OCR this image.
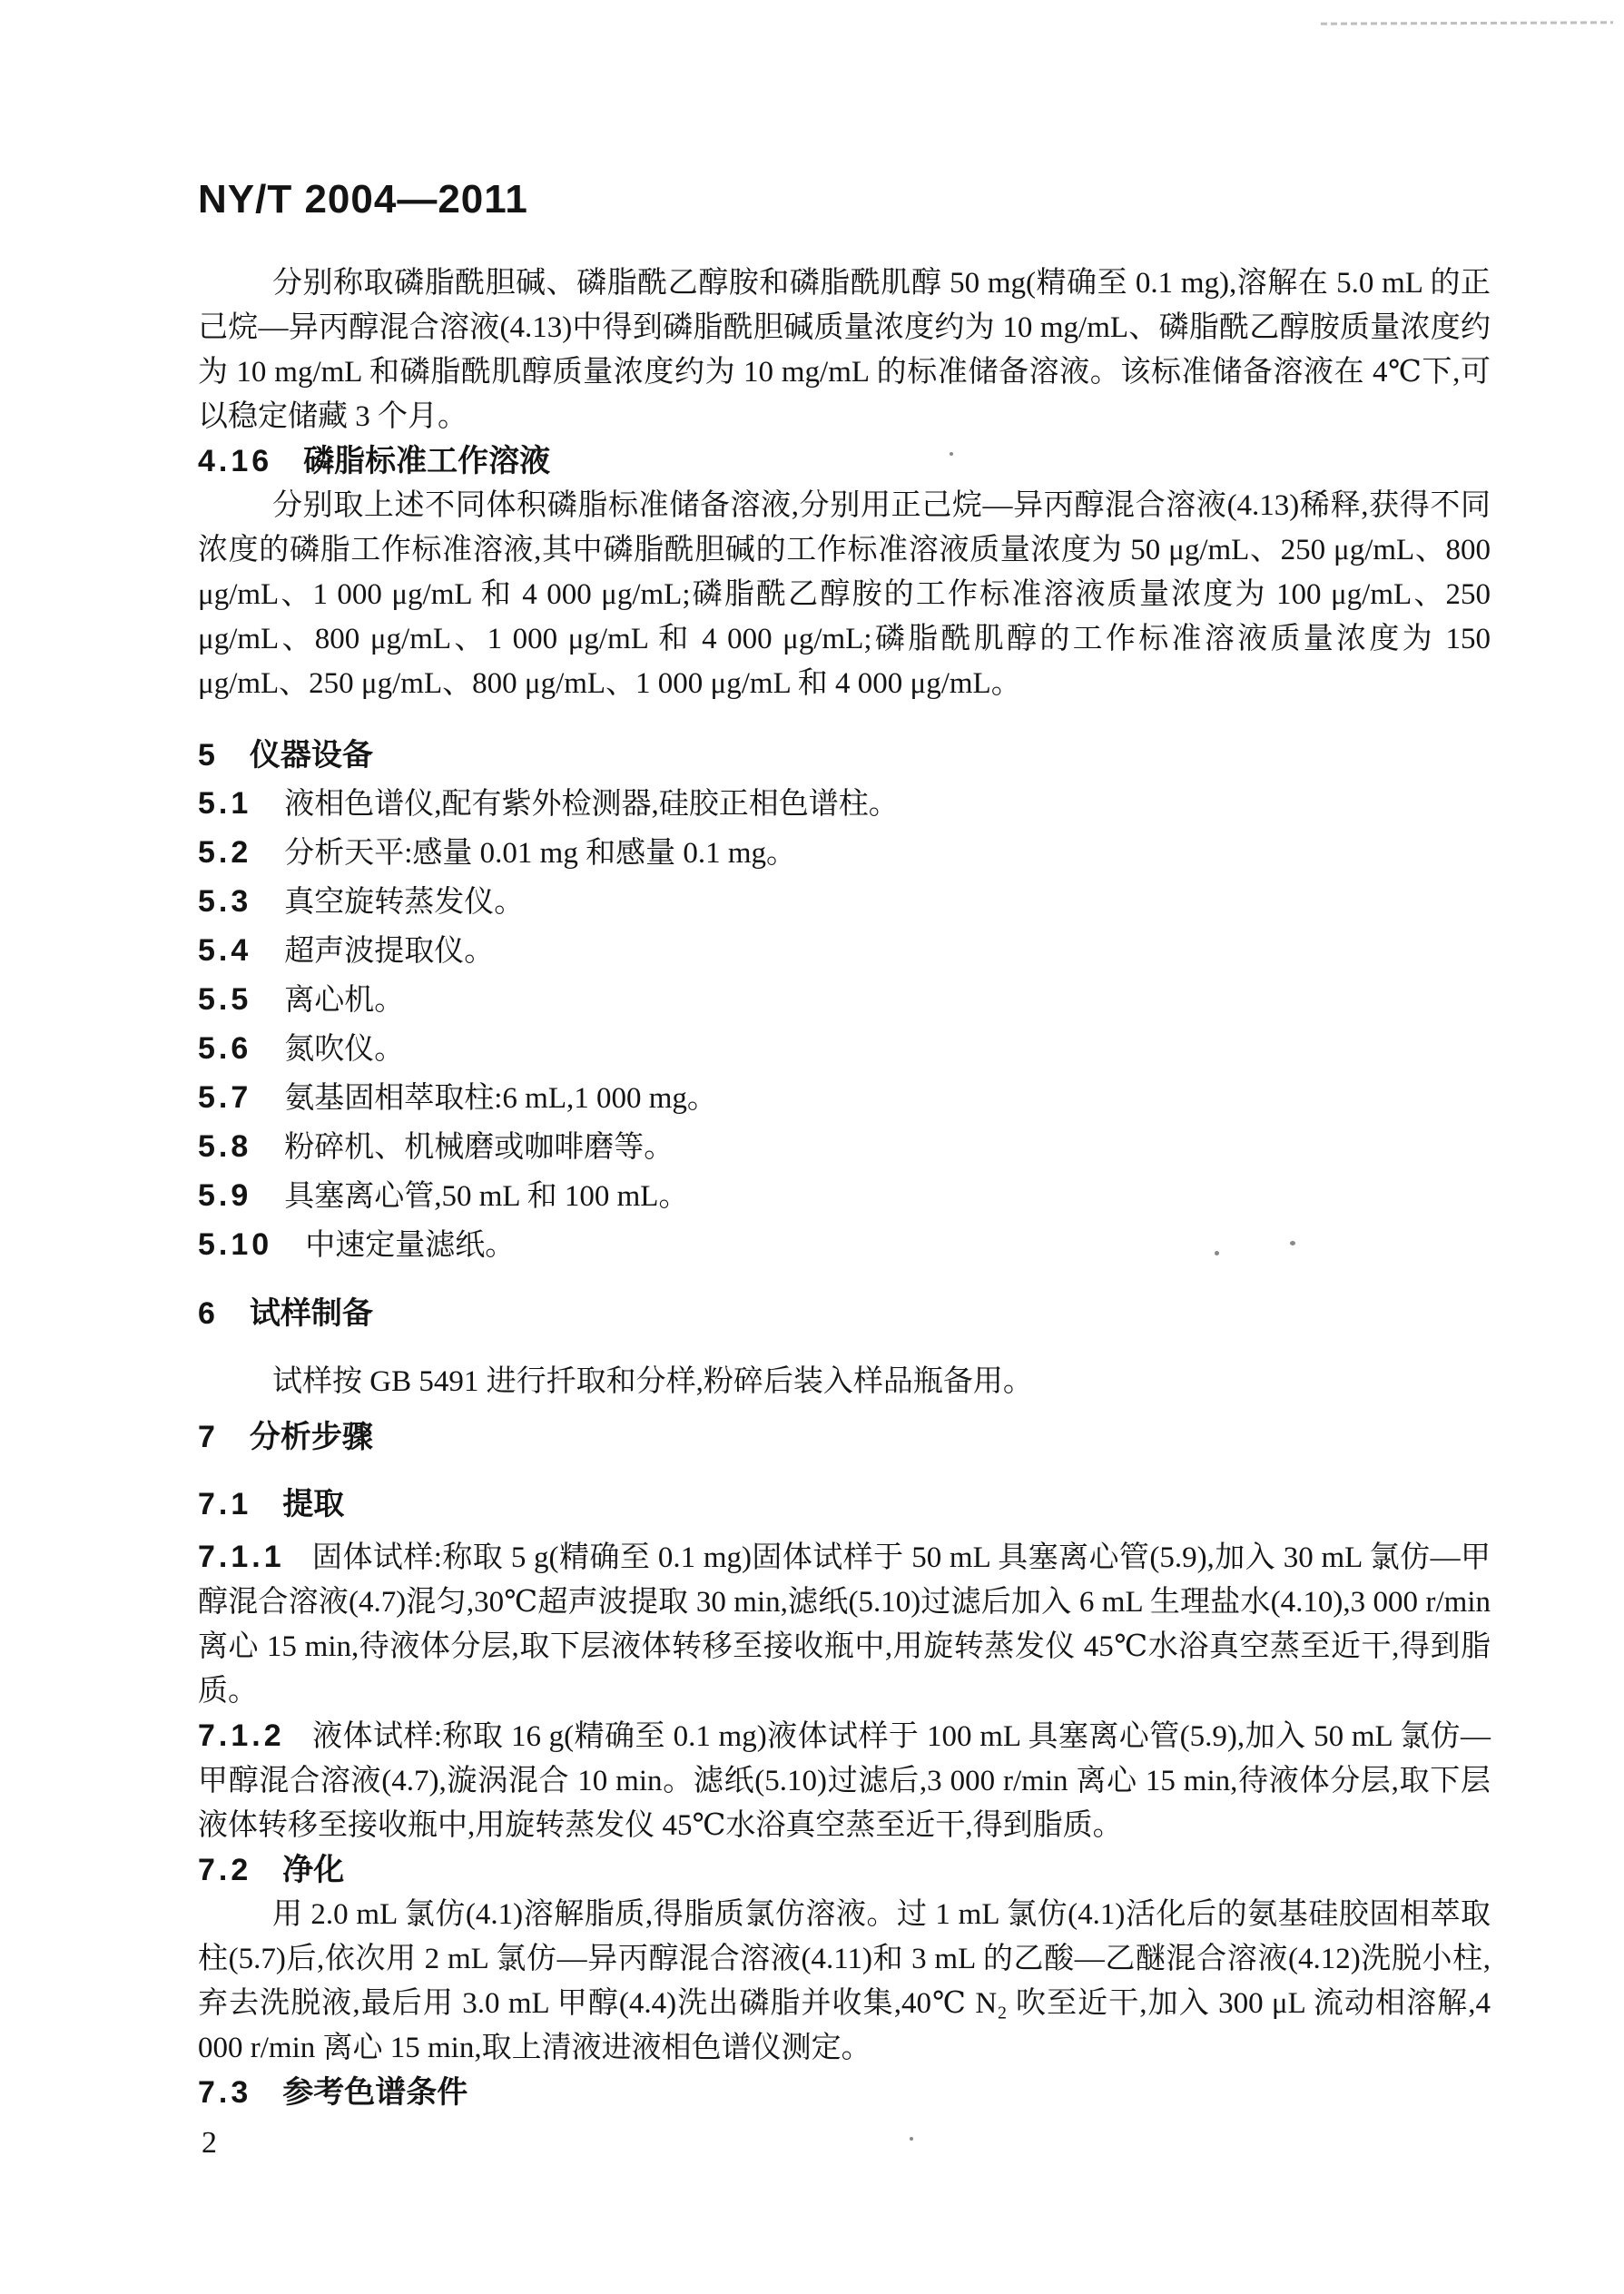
NY/T 2004—2011

分别称取磷脂酰胆碱、磷脂酰乙醇胺和磷脂酰肌醇 50 mg(精确至 0.1 mg),溶解在 5.0 mL 的正己烷—异丙醇混合溶液(4.13)中得到磷脂酰胆碱质量浓度约为 10 mg/mL、磷脂酰乙醇胺质量浓度约为 10 mg/mL 和磷脂酰肌醇质量浓度约为 10 mg/mL 的标准储备溶液。该标准储备溶液在 4℃下,可以稳定储藏 3 个月。

4.16 磷脂标准工作溶液

分别取上述不同体积磷脂标准储备溶液,分别用正己烷—异丙醇混合溶液(4.13)稀释,获得不同浓度的磷脂工作标准溶液,其中磷脂酰胆碱的工作标准溶液质量浓度为 50 μg/mL、250 μg/mL、800 μg/mL、1 000 μg/mL 和 4 000 μg/mL;磷脂酰乙醇胺的工作标准溶液质量浓度为 100 μg/mL、250 μg/mL、800 μg/mL、1 000 μg/mL 和 4 000 μg/mL;磷脂酰肌醇的工作标准溶液质量浓度为 150 μg/mL、250 μg/mL、800 μg/mL、1 000 μg/mL 和 4 000 μg/mL。

5 仪器设备
5.1 液相色谱仪,配有紫外检测器,硅胶正相色谱柱。
5.2 分析天平:感量 0.01 mg 和感量 0.1 mg。
5.3 真空旋转蒸发仪。
5.4 超声波提取仪。
5.5 离心机。
5.6 氮吹仪。
5.7 氨基固相萃取柱:6 mL,1 000 mg。
5.8 粉碎机、机械磨或咖啡磨等。
5.9 具塞离心管,50 mL 和 100 mL。
5.10 中速定量滤纸。
6 试样制备

试样按 GB 5491 进行扦取和分样,粉碎后装入样品瓶备用。

7 分析步骤
7.1 提取

7.1.1 固体试样:称取 5 g(精确至 0.1 mg)固体试样于 50 mL 具塞离心管(5.9),加入 30 mL 氯仿—甲醇混合溶液(4.7)混匀,30℃超声波提取 30 min,滤纸(5.10)过滤后加入 6 mL 生理盐水(4.10),3 000 r/min 离心 15 min,待液体分层,取下层液体转移至接收瓶中,用旋转蒸发仪 45℃水浴真空蒸至近干,得到脂质。

7.1.2 液体试样:称取 16 g(精确至 0.1 mg)液体试样于 100 mL 具塞离心管(5.9),加入 50 mL 氯仿—甲醇混合溶液(4.7),漩涡混合 10 min。滤纸(5.10)过滤后,3 000 r/min 离心 15 min,待液体分层,取下层液体转移至接收瓶中,用旋转蒸发仪 45℃水浴真空蒸至近干,得到脂质。

7.2 净化

用 2.0 mL 氯仿(4.1)溶解脂质,得脂质氯仿溶液。过 1 mL 氯仿(4.1)活化后的氨基硅胶固相萃取柱(5.7)后,依次用 2 mL 氯仿—异丙醇混合溶液(4.11)和 3 mL 的乙酸—乙醚混合溶液(4.12)洗脱小柱,弃去洗脱液,最后用 3.0 mL 甲醇(4.4)洗出磷脂并收集,40℃ N₂ 吹至近干,加入 300 μL 流动相溶解,4 000 r/min 离心 15 min,取上清液进液相色谱仪测定。

7.3 参考色谱条件
2
